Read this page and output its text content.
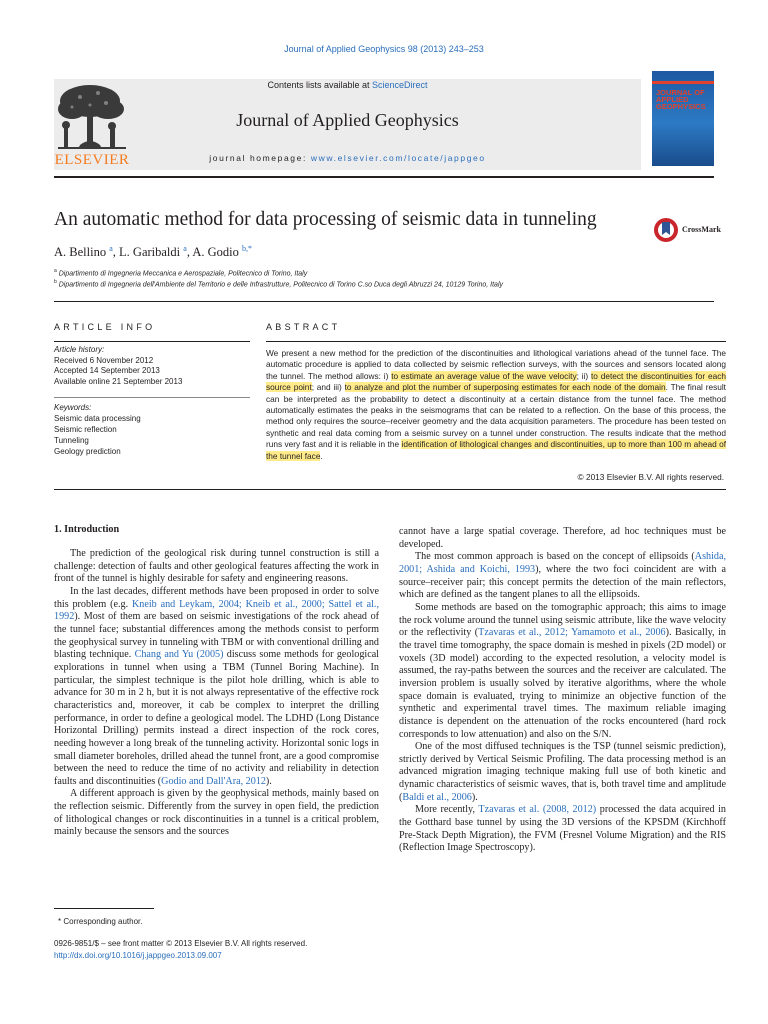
Journal of Applied Geophysics 98 (2013) 243–253
Contents lists available at ScienceDirect
Journal of Applied Geophysics
journal homepage: www.elsevier.com/locate/jappgeo
ELSEVIER
JOURNAL OF APPLIED GEOPHYSICS
An automatic method for data processing of seismic data in tunneling	CrossMark
A. Bellino $^a$, L. Garibaldi $^a$, A. Godio $^{b,*}$
$^a$ Dipartimento di Ingegneria Meccanica e Aerospaziale, Politecnico di Torino, Italy
$^b$ Dipartimento di Ingegneria dell'Ambiente del Territorio e delle Infrastrutture, Politecnico di Torino C.so Duca degli Abruzzi 24, 10129 Torino, Italy
ARTICLE INFO	ABSTRACT
Article history:
Received 6 November 2012
Accepted 14 September 2013
Available online 21 September 2013
Keywords:
Seismic data processing
Seismic reflection
Tunneling
Geology prediction
We present a new method for the prediction of the discontinuities and lithological variations ahead of the tunnel face. The automatic procedure is applied to data collected by seismic reflection surveys, with the sources and sensors located along the tunnel. The method allows: i) to estimate an average value of the wave velocity; ii) to detect the discontinuities for each source point; and iii) to analyze and plot the number of superposing estimates for each node of the domain. The final result can be interpreted as the probability to detect a discontinuity at a certain distance from the tunnel face. The method automatically estimates the peaks in the seismograms that can be related to a reflection. On the base of this process, the method only requires the source–receiver geometry and the data acquisition parameters. The procedure has been tested on synthetic and real data coming from a seismic survey on a tunnel under construction. The results indicate that the method runs very fast and it is reliable in the identification of lithological changes and discontinuities, up to more than 100 m ahead of the tunnel face.
© 2013 Elsevier B.V. All rights reserved.
1. Introduction

The prediction of the geological risk during tunnel construction is still a challenge: detection of faults and other geological features affecting the work in front of the tunnel is highly desirable for safety and engineering reasons.

In the last decades, different methods have been proposed in order to solve this problem (e.g. Kneib and Leykam, 2004; Kneib et al., 2000; Sattel et al., 1992). Most of them are based on seismic investigations of the rock ahead of the tunnel face; substantial differences among the methods consist to perform the geophysical survey in tunneling with TBM or with conventional drilling and blasting technique. Chang and Yu (2005) discuss some methods for geological explorations in tunnel when using a TBM (Tunnel Boring Machine). In particular, the simplest technique is the pilot hole drilling, which is able to advance for 30 m in 2 h, but it is not always representative of the effective rock characteristics and, moreover, it cab be complex to interpret the drilling performance, in order to define a geological model. The LDHD (Long Distance Horizontal Drilling) permits instead a direct inspection of the rock cores, needing however a long break of the tunneling activity. Horizontal sonic logs in small diameter boreholes, drilled ahead the tunnel front, are a good compromise between the need to reduce the time of no activity and reliability in detection faults and discontinuities (Godio and Dall'Ara, 2012).

A different approach is given by the geophysical methods, mainly based on the reflection seismic. Differently from the survey in open field, the prediction of lithological changes or rock discontinuities in a tunnel is a critical problem, mainly because the sensors and the sources

cannot have a large spatial coverage. Therefore, ad hoc techniques must be developed.

The most common approach is based on the concept of ellipsoids (Ashida, 2001; Ashida and Koichi, 1993), where the two foci coincident are with a source–receiver pair; this concept permits the detection of the main reflectors, which are defined as the tangent planes to all the ellipsoids.

Some methods are based on the tomographic approach; this aims to image the rock volume around the tunnel using seismic attribute, like the wave velocity or the reflectivity (Tzavaras et al., 2012; Yamamoto et al., 2006). Basically, in the travel time tomography, the space domain is meshed in pixels (2D model) or voxels (3D model) according to the expected resolution, a velocity model is assumed, the ray-paths between the sources and the receiver are calculated. The inversion problem is usually solved by iterative algorithms, where the whole space domain is evaluated, trying to minimize an objective function of the synthetic and experimental travel times. The maximum reliable imaging distance is dependent on the attenuation of the rocks encountered (hard rock corresponds to low attenuation) and also on the S/N.

One of the most diffused techniques is the TSP (tunnel seismic prediction), strictly derived by Vertical Seismic Profiling. The data processing method is an advanced migration imaging technique making full use of both kinetic and dynamic characteristics of seismic waves, that is, both travel time and amplitude (Baldi et al., 2006).

More recently, Tzavaras et al. (2008, 2012) processed the data acquired in the Gotthard base tunnel by using the 3D versions of the KPSDM (Kirchhoff Pre-Stack Depth Migration), the FVM (Fresnel Volume Migration) and the RIS (Reflection Image Spectroscopy).

* Corresponding author.
0926-9851/$ – see front matter © 2013 Elsevier B.V. All rights reserved.
http://dx.doi.org/10.1016/j.jappgeo.2013.09.007
